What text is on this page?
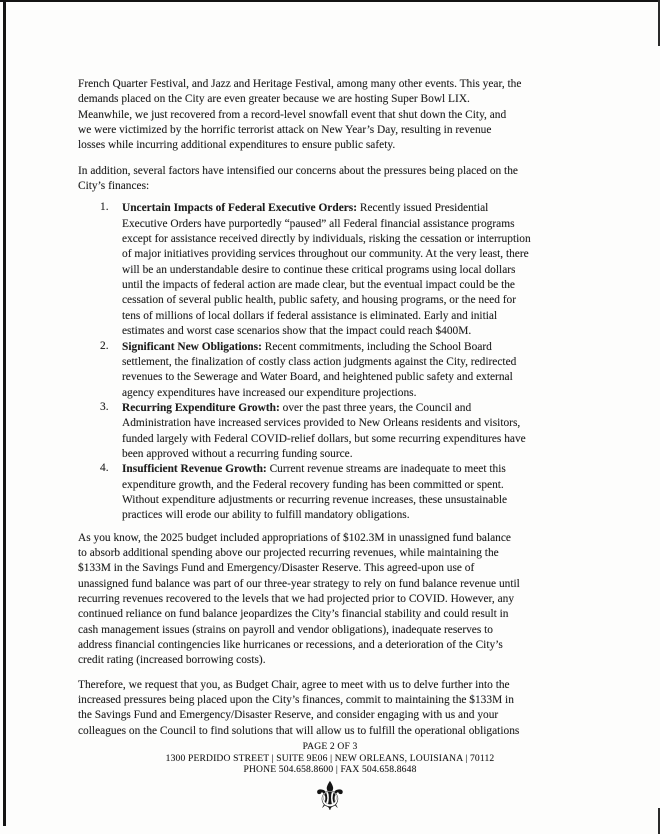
French Quarter Festival, and Jazz and Heritage Festival, among many other events. This year, the
demands placed on the City are even greater because we are hosting Super Bowl LIX.
Meanwhile, we just recovered from a record-level snowfall event that shut down the City, and
we were victimized by the horrific terrorist attack on New Year’s Day, resulting in revenue
losses while incurring additional expenditures to ensure public safety.
In addition, several factors have intensified our concerns about the pressures being placed on the
City’s finances:
1.	Uncertain Impacts of Federal Executive Orders: Recently issued Presidential
Executive Orders have purportedly “paused” all Federal financial assistance programs
except for assistance received directly by individuals, risking the cessation or interruption
of major initiatives providing services throughout our community. At the very least, there
will be an understandable desire to continue these critical programs using local dollars
until the impacts of federal action are made clear, but the eventual impact could be the
cessation of several public health, public safety, and housing programs, or the need for
tens of millions of local dollars if federal assistance is eliminated. Early and initial
estimates and worst case scenarios show that the impact could reach $400M.
2.	Significant New Obligations: Recent commitments, including the School Board
settlement, the finalization of costly class action judgments against the City, redirected
revenues to the Sewerage and Water Board, and heightened public safety and external
agency expenditures have increased our expenditure projections.
3.	Recurring Expenditure Growth: over the past three years, the Council and
Administration have increased services provided to New Orleans residents and visitors,
funded largely with Federal COVID-relief dollars, but some recurring expenditures have
been approved without a recurring funding source.
4.	Insufficient Revenue Growth: Current revenue streams are inadequate to meet this
expenditure growth, and the Federal recovery funding has been committed or spent.
Without expenditure adjustments or recurring revenue increases, these unsustainable
practices will erode our ability to fulfill mandatory obligations.
As you know, the 2025 budget included appropriations of $102.3M in unassigned fund balance
to absorb additional spending above our projected recurring revenues, while maintaining the
$133M in the Savings Fund and Emergency/Disaster Reserve. This agreed-upon use of
unassigned fund balance was part of our three-year strategy to rely on fund balance revenue until
recurring revenues recovered to the levels that we had projected prior to COVID. However, any
continued reliance on fund balance jeopardizes the City’s financial stability and could result in
cash management issues (strains on payroll and vendor obligations), inadequate reserves to
address financial contingencies like hurricanes or recessions, and a deterioration of the City’s
credit rating (increased borrowing costs).
Therefore, we request that you, as Budget Chair, agree to meet with us to delve further into the
increased pressures being placed upon the City’s finances, commit to maintaining the $133M in
the Savings Fund and Emergency/Disaster Reserve, and consider engaging with us and your
colleagues on the Council to find solutions that will allow us to fulfill the operational obligations
PAGE 2 OF 3
1300 PERDIDO STREET | SUITE 9E06 | NEW ORLEANS, LOUISIANA | 70112
PHONE 504.658.8600 | FAX 504.658.8648
⚜
